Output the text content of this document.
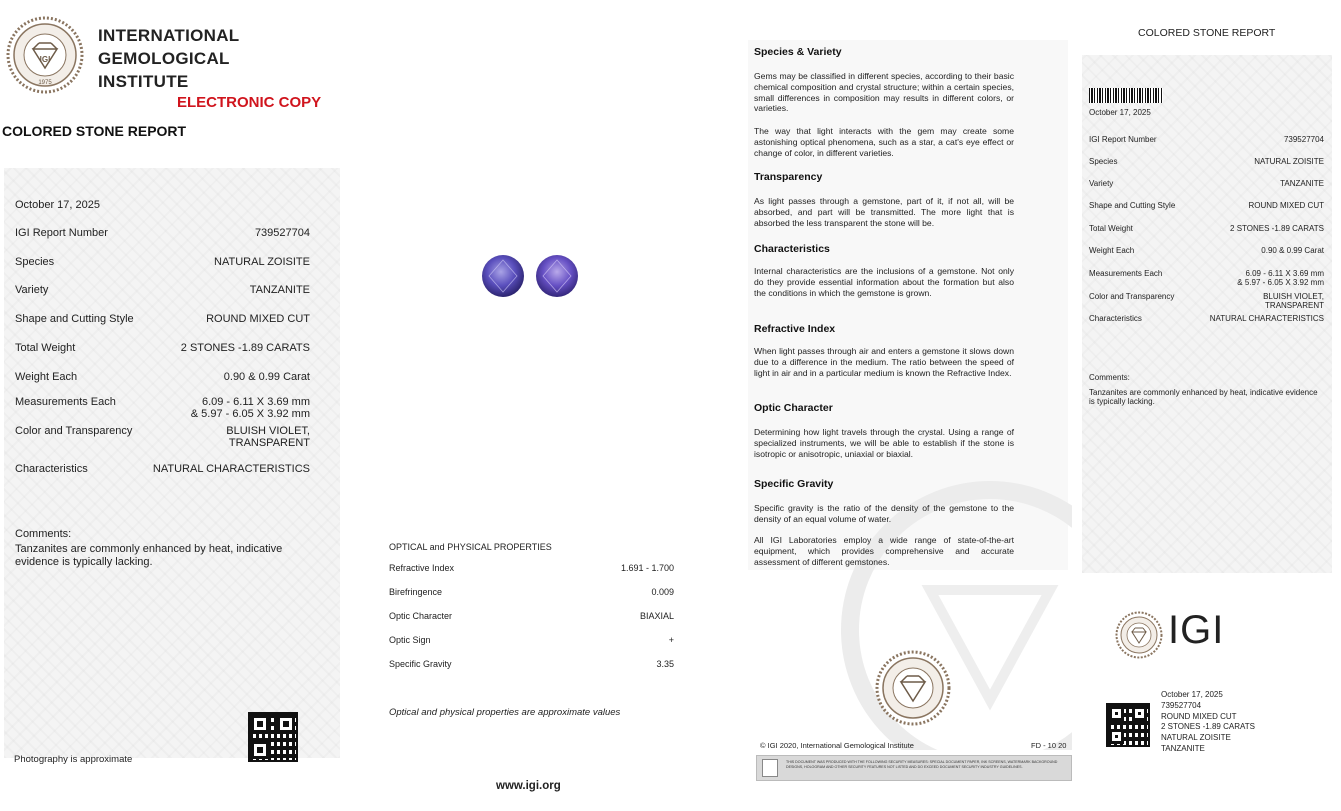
IGI
1975
INTERNATIONAL
GEMOLOGICAL
INSTITUTE
ELECTRONIC COPY
COLORED STONE REPORT
October 17, 2025
IGI Report Number	739527704
Species	NATURAL ZOISITE
Variety	TANZANITE
Shape and Cutting Style	ROUND MIXED CUT
Total Weight	2 STONES -1.89 CARATS
Weight Each	0.90 & 0.99 Carat
Measurements Each	6.09 - 6.11 X 3.69 mm
& 5.97 - 6.05 X 3.92 mm
Color and Transparency	BLUISH VIOLET,
TRANSPARENT
Characteristics	NATURAL CHARACTERISTICS
Comments:
Tanzanites are commonly enhanced by heat, indicative evidence is typically lacking.
Photography is approximate
OPTICAL and PHYSICAL PROPERTIES
Refractive Index	1.691 - 1.700
Birefringence	0.009
Optic Character	BIAXIAL
Optic Sign	+
Specific Gravity	3.35
Optical and physical properties are approximate values
www.igi.org
Species & Variety

Gems may be classified in different species, according to their basic chemical composition and crystal structure; within a certain species, small differences in composition may results in different colors, or varieties.

The way that light interacts with the gem may create some astonishing optical phenomena, such as a star, a cat's eye effect or change of color, in different varieties.

Transparency

As light passes through a gemstone, part of it, if not all, will be absorbed, and part will be transmitted. The more light that is absorbed the less transparent the stone will be.

Characteristics

Internal characteristics are the inclusions of a gemstone. Not only do they provide essential information about the formation but also the conditions in which the gemstone is grown.

Refractive Index

When light passes through air and enters a gemstone it slows down due to a difference in the medium. The ratio between the speed of light in air and in a particular medium is known the Refractive Index.

Optic Character

Determining how light travels through the crystal. Using a range of specialized instruments, we will be able to establish if the stone is isotropic or anisotropic, uniaxial or biaxial.

Specific Gravity

Specific gravity is the ratio of the density of the gemstone to the density of an equal volume of water.

All IGI Laboratories employ a wide range of state-of-the-art equipment, which provides comprehensive and accurate assessment of different gemstones.

© IGI 2020, International Gemological Institute	FD - 10 20
THIS DOCUMENT WAS PRODUCED WITH THE FOLLOWING SECURITY MEASURES: SPECIAL DOCUMENT PAPER, INK SCREENS, WATERMARK BACKGROUND DESIGNS, HOLOGRAM AND OTHER SECURITY FEATURES NOT LISTED AND DO EXCEED DOCUMENT SECURITY INDUSTRY GUIDELINES.
COLORED STONE REPORT
October 17, 2025
IGI Report Number	739527704
Species	NATURAL ZOISITE
Variety	TANZANITE
Shape and Cutting Style	ROUND MIXED CUT
Total Weight	2 STONES -1.89 CARATS
Weight Each	0.90 & 0.99 Carat
Measurements Each	6.09 - 6.11 X 3.69 mm
& 5.97 - 6.05 X 3.92 mm
Color and Transparency	BLUISH VIOLET,
TRANSPARENT
Characteristics	NATURAL CHARACTERISTICS
Comments:
Tanzanites are commonly enhanced by heat, indicative evidence is typically lacking.
IGI
October 17, 2025
739527704
ROUND MIXED CUT
2 STONES -1.89 CARATS
NATURAL ZOISITE
TANZANITE
